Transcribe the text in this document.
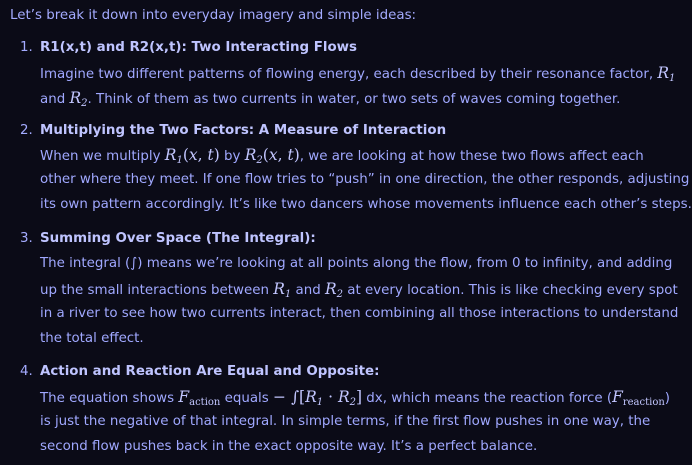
Let’s break it down into everyday imagery and simple ideas:
1. R1(x,t) and R2(x,t): Two Interacting Flows
Imagine two different patterns of flowing energy, each described by their resonance factor, $R_1$
and $R_2$. Think of them as two currents in water, or two sets of waves coming together.
2. Multiplying the Two Factors: A Measure of Interaction
When we multiply $R_1(x$, t) by $R_2(x$, t), we are looking at how these two flows affect each
other where they meet. If one flow tries to “push” in one direction, the other responds, adjusting
its own pattern accordingly. It’s like two dancers whose movements influence each other’s steps.
3. Summing Over Space (The Integral):
The integral (∫) means we’re looking at all points along the flow, from 0 to infinity, and adding
up the small interactions between $R_1$ and $R_2$ at every location. This is like checking every spot
in a river to see how two currents interact, then combining all those interactions to understand
the total effect.
4. Action and Reaction Are Equal and Opposite:
The equation shows $F_{action}$ equals − $\int[R_1 \cdot R_2]$ dx, which means the reaction force $(F_{reaction})$
is just the negative of that integral. In simple terms, if the first flow pushes in one way, the
second flow pushes back in the exact opposite way. It’s a perfect balance.
